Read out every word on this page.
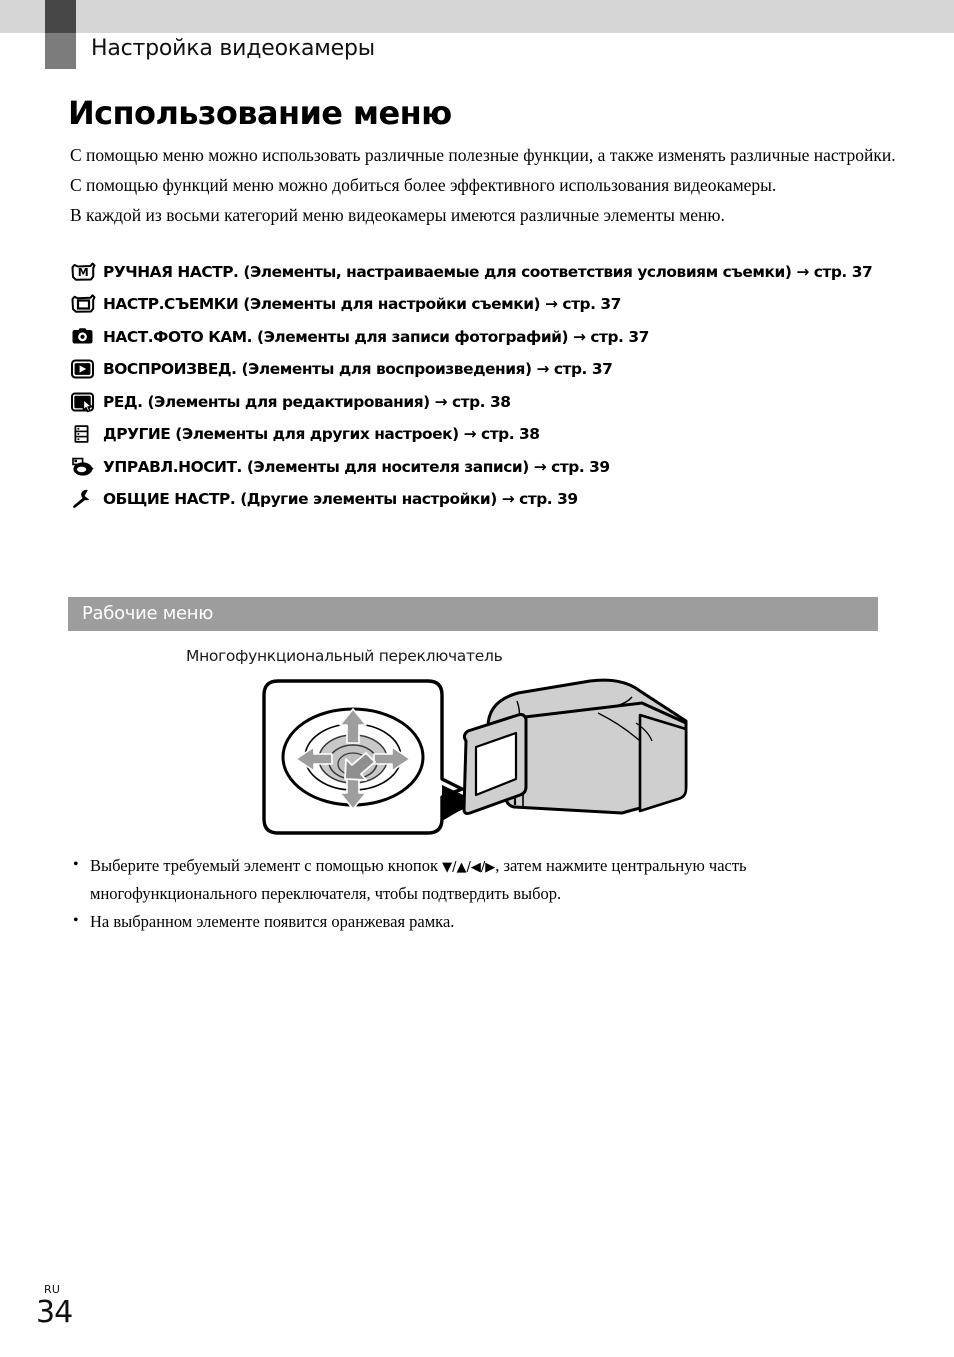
Настройка видеокамеры
Использование меню

С помощью меню можно использовать различные полезные функции, а также изменять различные настройки. С помощью функций меню можно добиться более эффективного использования видеокамеры.

В каждой из восьми категорий меню видеокамеры имеются различные элементы меню.

M РУЧНАЯ НАСТР. (Элементы, настраиваемые для соответствия условиям съемки) → стр. 37
НАСТР.СЪЕМКИ (Элементы для настройки съемки) → стр. 37
НАСТ.ФОТО КАМ. (Элементы для записи фотографий) → стр. 37
ВОСПРОИЗВЕД. (Элементы для воспроизведения) → стр. 37
РЕД. (Элементы для редактирования) → стр. 38
ДРУГИЕ (Элементы для других настроек) → стр. 38
УПРАВЛ.НОСИТ. (Элементы для носителя записи) → стр. 39
ОБЩИЕ НАСТР. (Другие элементы настройки) → стр. 39
Рабочие меню
Многофункциональный переключатель
• Выберите требуемый элемент с помощью кнопок ▼/▲/◀/▶, затем нажмите центральную часть многофункционального переключателя, чтобы подтвердить выбор.
• На выбранном элементе появится оранжевая рамка.
RU
34
